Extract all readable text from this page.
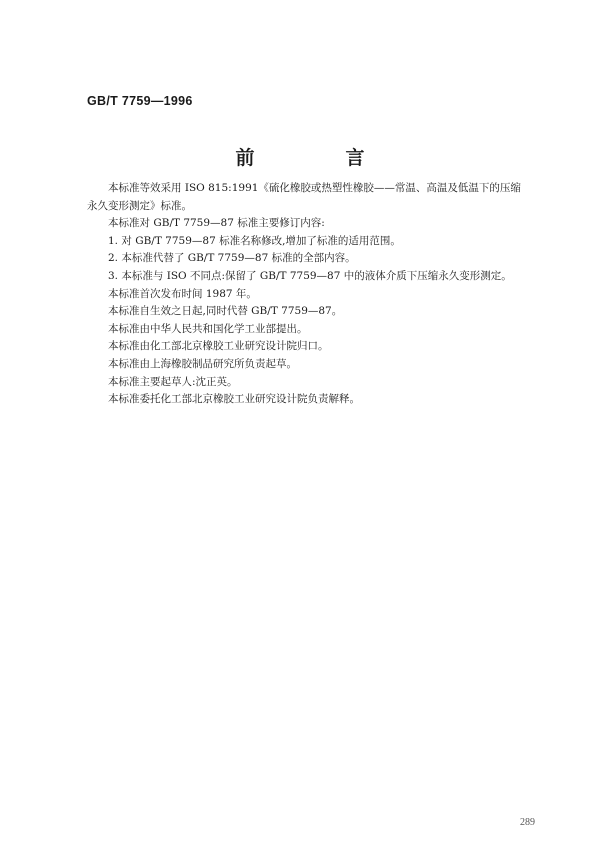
GB/T 7759—1996
前　言

本标准等效采用 ISO 815:1991《硫化橡胶或热塑性橡胶——常温、高温及低温下的压缩永久变形测定》标准。

本标准对 GB/T 7759—87 标准主要修订内容:

1. 对 GB/T 7759—87 标准名称修改,增加了标准的适用范围。

2. 本标准代替了 GB/T 7759—87 标准的全部内容。

3. 本标准与 ISO 不同点:保留了 GB/T 7759—87 中的液体介质下压缩永久变形测定。

本标准首次发布时间 1987 年。

本标准自生效之日起,同时代替 GB/T 7759—87。

本标准由中华人民共和国化学工业部提出。

本标准由化工部北京橡胶工业研究设计院归口。

本标准由上海橡胶制品研究所负责起草。

本标准主要起草人:沈正英。

本标准委托化工部北京橡胶工业研究设计院负责解释。

289
